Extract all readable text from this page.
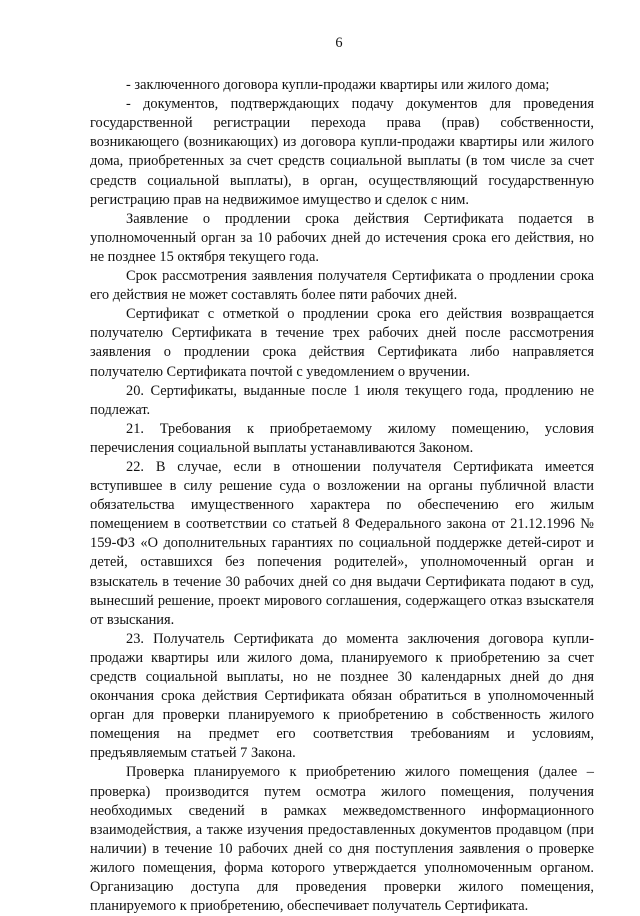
6

- заключенного договора купли-продажи квартиры или жилого дома;

- документов, подтверждающих подачу документов для проведения государственной регистрации перехода права (прав) собственности, возникающего (возникающих) из договора купли-продажи квартиры или жилого дома, приобретенных за счет средств социальной выплаты (в том числе за счет средств социальной выплаты), в орган, осуществляющий государственную регистрацию прав на недвижимое имущество и сделок с ним.

Заявление о продлении срока действия Сертификата подается в уполномоченный орган за 10 рабочих дней до истечения срока его действия, но не позднее 15 октября текущего года.

Срок рассмотрения заявления получателя Сертификата о продлении срока его действия не может составлять более пяти рабочих дней.

Сертификат с отметкой о продлении срока его действия возвращается получателю Сертификата в течение трех рабочих дней после рассмотрения заявления о продлении срока действия Сертификата либо направляется получателю Сертификата почтой с уведомлением о вручении.

20. Сертификаты, выданные после 1 июля текущего года, продлению не подлежат.

21. Требования к приобретаемому жилому помещению, условия перечисления социальной выплаты устанавливаются Законом.

22. В случае, если в отношении получателя Сертификата имеется вступившее в силу решение суда о возложении на органы публичной власти обязательства имущественного характера по обеспечению его жилым помещением в соответствии со статьей 8 Федерального закона от 21.12.1996 № 159-ФЗ «О дополнительных гарантиях по социальной поддержке детей-сирот и детей, оставшихся без попечения родителей», уполномоченный орган и взыскатель в течение 30 рабочих дней со дня выдачи Сертификата подают в суд, вынесший решение, проект мирового соглашения, содержащего отказ взыскателя от взыскания.

23. Получатель Сертификата до момента заключения договора купли-продажи квартиры или жилого дома, планируемого к приобретению за счет средств социальной выплаты, но не позднее 30 календарных дней до дня окончания срока действия Сертификата обязан обратиться в уполномоченный орган для проверки планируемого к приобретению в собственность жилого помещения на предмет его соответствия требованиям и условиям, предъявляемым статьей 7 Закона.

Проверка планируемого к приобретению жилого помещения (далее – проверка) производится путем осмотра жилого помещения, получения необходимых сведений в рамках межведомственного информационного взаимодействия, а также изучения предоставленных документов продавцом (при наличии) в течение 10 рабочих дней со дня поступления заявления о проверке жилого помещения, форма которого утверждается уполномоченным органом. Организацию доступа для проведения проверки жилого помещения, планируемого к приобретению, обеспечивает получатель Сертификата.
